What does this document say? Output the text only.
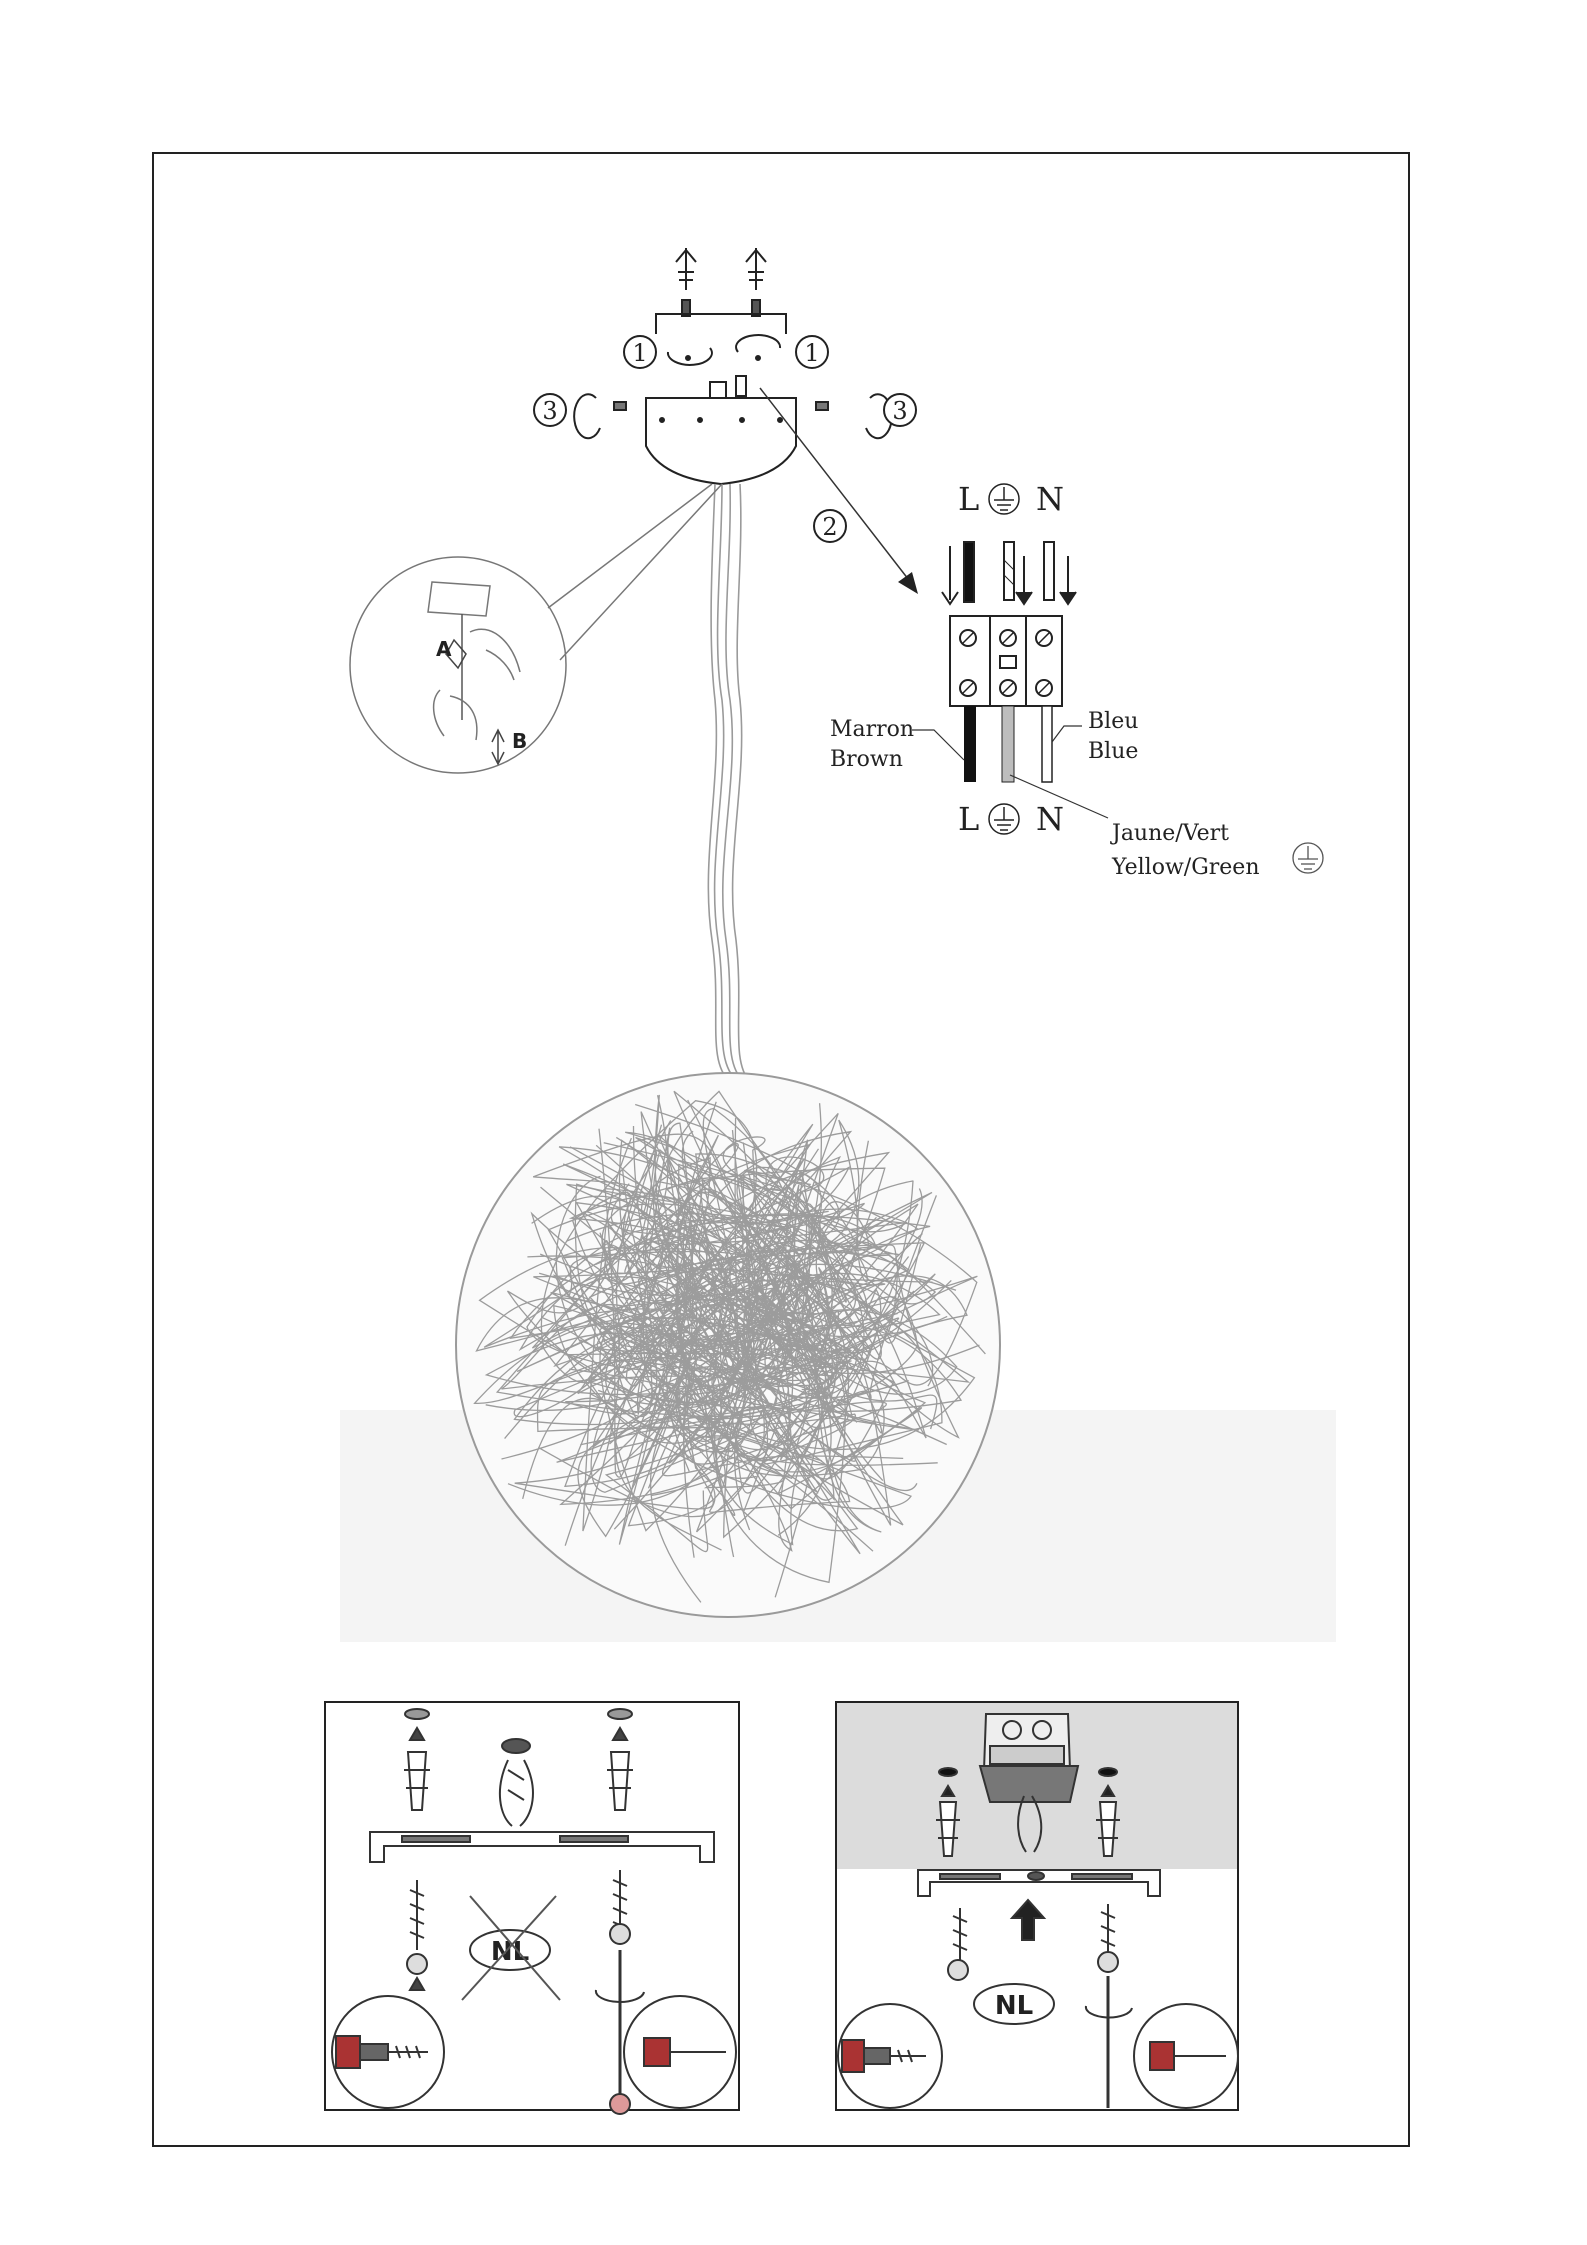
1	1
3	3
2
A
B
L N
L N
Marron
Brown
Bleu
Blue
Jaune/Vert
Yellow/Green
NL
NL
